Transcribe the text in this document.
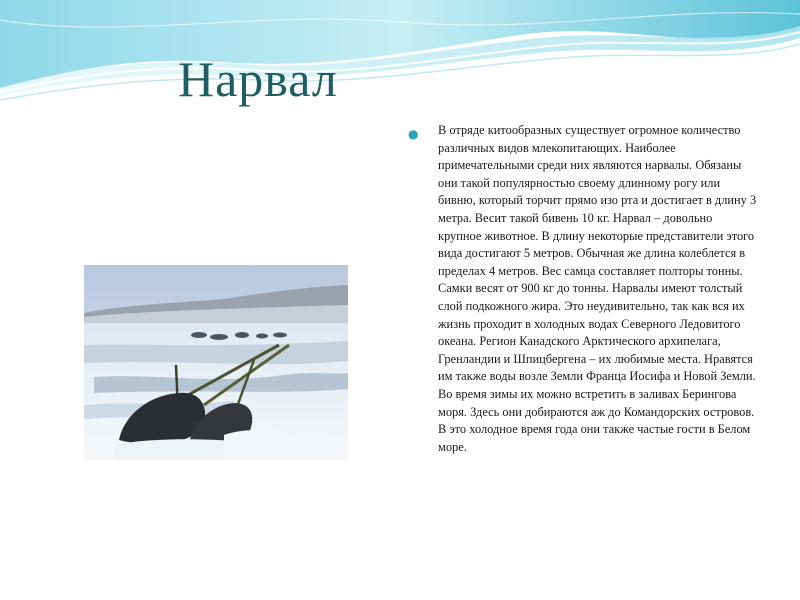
Нарвал
● В отряде китообразных существует огромное количество различных видов млекопитающих. Наиболее примечательными среди них являются нарвалы. Обязаны они такой популярностью своему длинному рогу или бивню, который торчит прямо изо рта и достигает в длину 3 метра. Весит такой бивень 10 кг. Нарвал – довольно крупное животное. В длину некоторые представители этого вида достигают 5 метров. Обычная же длина колеблется в пределах 4 метров. Вес самца составляет полторы тонны. Самки весят от 900 кг до тонны. Нарвалы имеют толстый слой подкожного жира. Это неудивительно, так как вся их жизнь проходит в холодных водах Северного Ледовитого океана. Регион Канадского Арктического архипелага, Гренландии и Шпицбергена – их любимые места. Нравятся им также воды возле Земли Франца Иосифа и Новой Земли. Во время зимы их можно встретить в заливах Берингова моря. Здесь они добираются аж до Командорских островов. В это холодное время года они также частые гости в Белом море.
